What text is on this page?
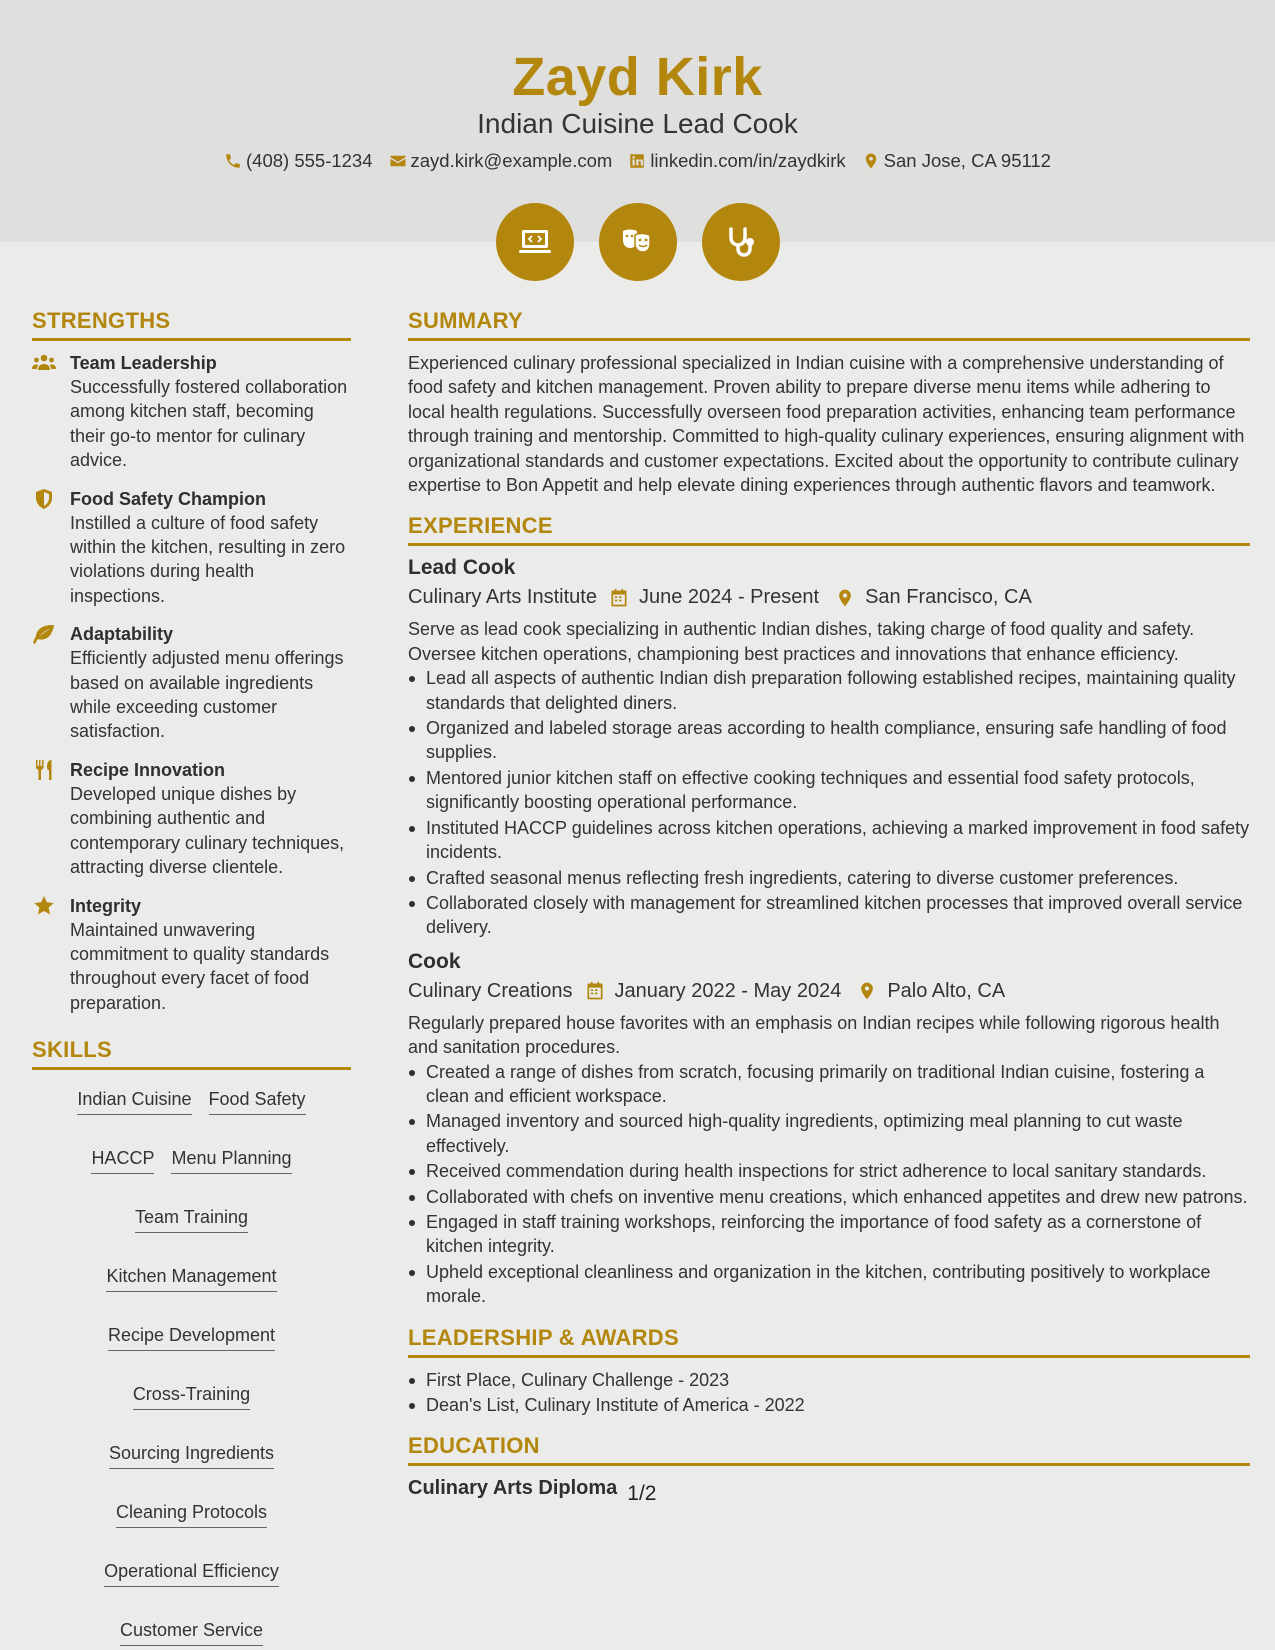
Zayd Kirk
Indian Cuisine Lead Cook
(408) 555-1234 zayd.kirk@example.com linkedin.com/in/zaydkirk San Jose, CA 95112
STRENGTHS
Team Leadership
Successfully fostered collaboration among kitchen staff, becoming their go-to mentor for culinary advice.
Food Safety Champion
Instilled a culture of food safety within the kitchen, resulting in zero violations during health inspections.
Adaptability
Efficiently adjusted menu offerings based on available ingredients while exceeding customer satisfaction.
Recipe Innovation
Developed unique dishes by combining authentic and contemporary culinary techniques, attracting diverse clientele.
Integrity
Maintained unwavering commitment to quality standards throughout every facet of food preparation.
SKILLS
Indian Cuisine Food Safety
HACCP Menu Planning
Team Training
Kitchen Management
Recipe Development
Cross-Training
Sourcing Ingredients
Cleaning Protocols
Operational Efficiency
Customer Service
SUMMARY
Experienced culinary professional specialized in Indian cuisine with a comprehensive understanding of food safety and kitchen management. Proven ability to prepare diverse menu items while adhering to local health regulations. Successfully overseen food preparation activities, enhancing team performance through training and mentorship. Committed to high-quality culinary experiences, ensuring alignment with organizational standards and customer expectations. Excited about the opportunity to contribute culinary expertise to Bon Appetit and help elevate dining experiences through authentic flavors and teamwork.
EXPERIENCE
Lead Cook
Culinary Arts Institute June 2024 - Present San Francisco, CA
Serve as lead cook specializing in authentic Indian dishes, taking charge of food quality and safety. Oversee kitchen operations, championing best practices and innovations that enhance efficiency.
Lead all aspects of authentic Indian dish preparation following established recipes, maintaining quality standards that delighted diners.
Organized and labeled storage areas according to health compliance, ensuring safe handling of food supplies.
Mentored junior kitchen staff on effective cooking techniques and essential food safety protocols, significantly boosting operational performance.
Instituted HACCP guidelines across kitchen operations, achieving a marked improvement in food safety incidents.
Crafted seasonal menus reflecting fresh ingredients, catering to diverse customer preferences.
Collaborated closely with management for streamlined kitchen processes that improved overall service delivery.
Cook
Culinary Creations January 2022 - May 2024 Palo Alto, CA
Regularly prepared house favorites with an emphasis on Indian recipes while following rigorous health and sanitation procedures.
Created a range of dishes from scratch, focusing primarily on traditional Indian cuisine, fostering a clean and efficient workspace.
Managed inventory and sourced high-quality ingredients, optimizing meal planning to cut waste effectively.
Received commendation during health inspections for strict adherence to local sanitary standards.
Collaborated with chefs on inventive menu creations, which enhanced appetites and drew new patrons.
Engaged in staff training workshops, reinforcing the importance of food safety as a cornerstone of kitchen integrity.
Upheld exceptional cleanliness and organization in the kitchen, contributing positively to workplace morale.
LEADERSHIP & AWARDS
First Place, Culinary Challenge - 2023
Dean's List, Culinary Institute of America - 2022
EDUCATION
Culinary Arts Diploma 1/2
